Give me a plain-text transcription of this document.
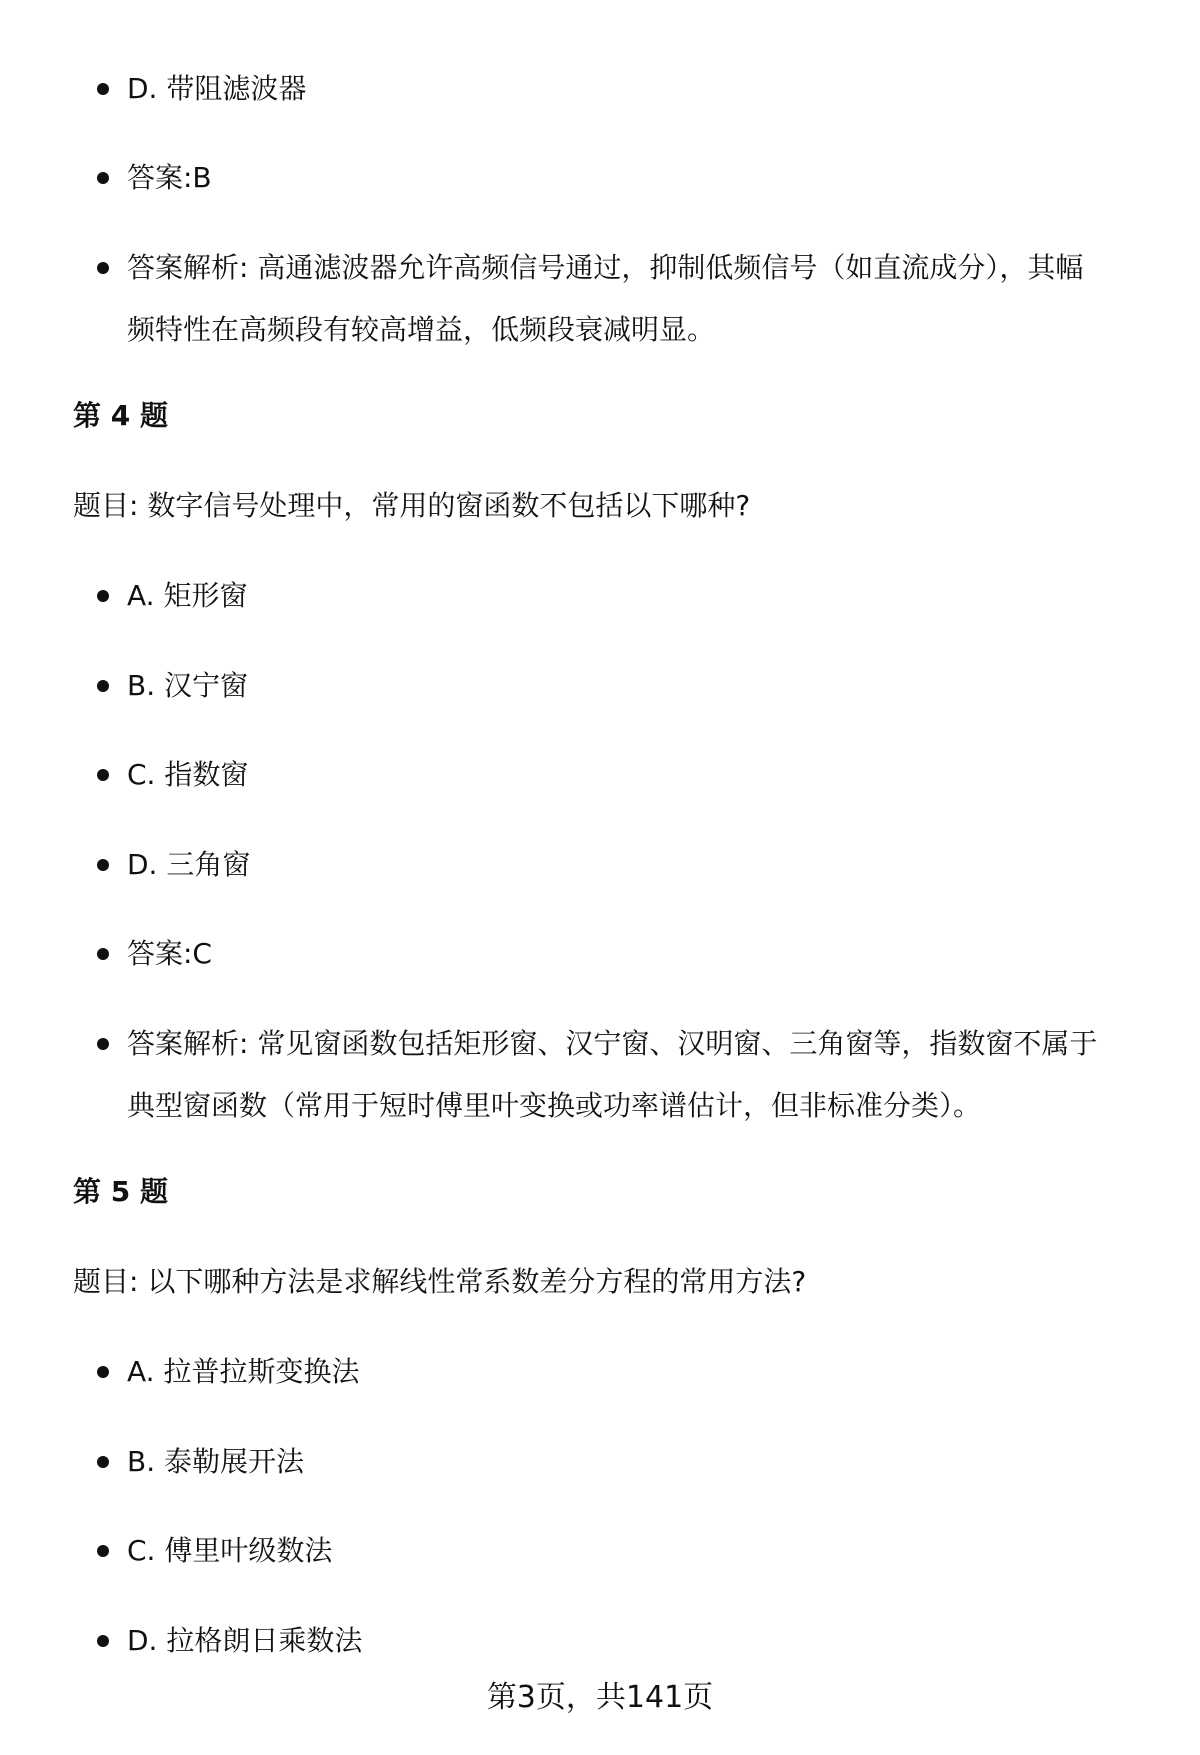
D. 带阻滤波器
答案:B
答案解析: 高通滤波器允许高频信号通过，抑制低频信号（如直流成分），其幅
频特性在高频段有较高增益，低频段衰减明显。
第 4 题
题目: 数字信号处理中，常用的窗函数不包括以下哪种?
A. 矩形窗
B. 汉宁窗
C. 指数窗
D. 三角窗
答案:C
答案解析: 常见窗函数包括矩形窗、汉宁窗、汉明窗、三角窗等，指数窗不属于
典型窗函数（常用于短时傅里叶变换或功率谱估计，但非标准分类）。
第 5 题
题目: 以下哪种方法是求解线性常系数差分方程的常用方法?
A. 拉普拉斯变换法
B. 泰勒展开法
C. 傅里叶级数法
D. 拉格朗日乘数法
第3页，共141页
